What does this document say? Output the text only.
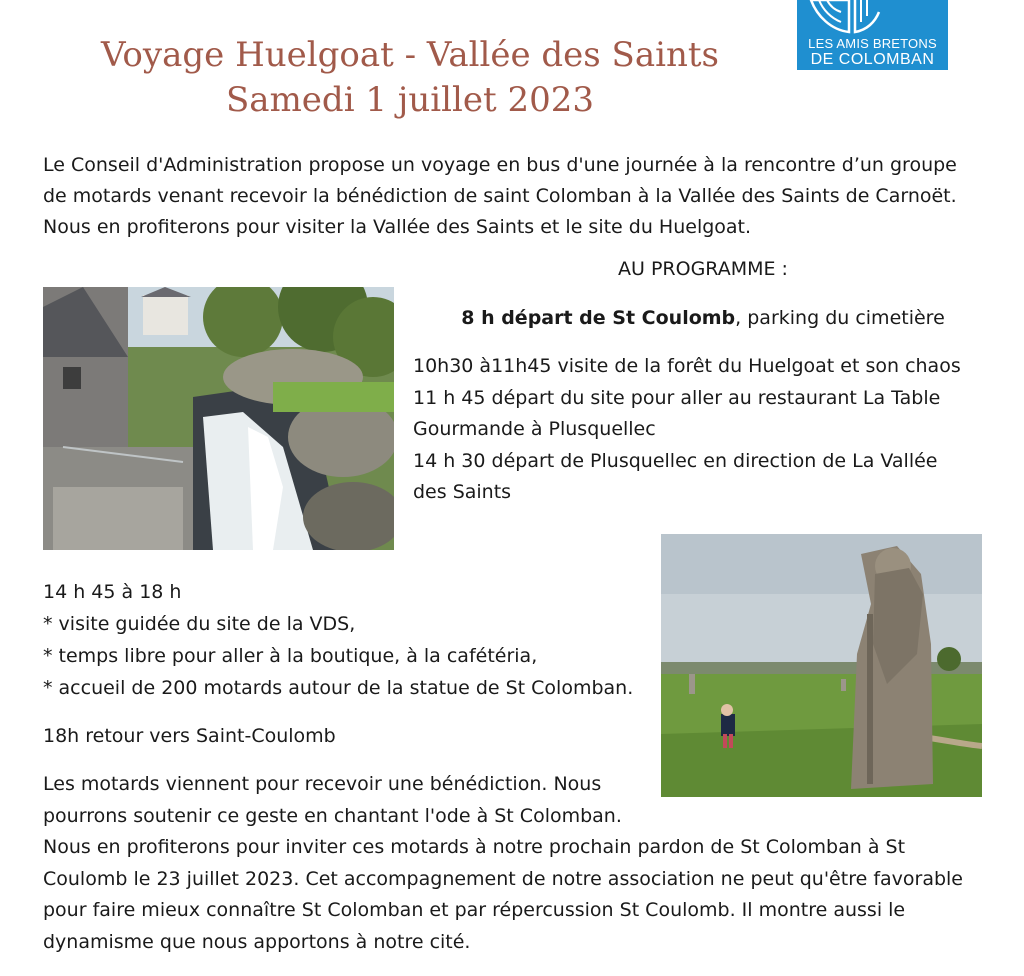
Voyage Huelgoat - Vallée des Saints
Samedi 1 juillet 2023
LES AMIS BRETONS
DE COLOMBAN
Le Conseil d'Administration propose un voyage en bus d'une journée à la rencontre d’un groupe
de motards venant recevoir la bénédiction de saint Colomban à la Vallée des Saints de Carnoët.
Nous en profiterons pour visiter la Vallée des Saints et le site du Huelgoat.
AU PROGRAMME :
8 h départ de St Coulomb, parking du cimetière
10h30 à11h45 visite de la forêt du Huelgoat et son chaos
11 h 45 départ du site pour aller au restaurant La Table
Gourmande à Plusquellec
14 h 30 départ de Plusquellec en direction de La Vallée
des Saints
14 h 45 à 18 h
* visite guidée du site de la VDS,
* temps libre pour aller à la boutique, à la cafétéria,
* accueil de 200 motards autour de la statue de St Colomban.
18h retour vers Saint-Coulomb
Les motards viennent pour recevoir une bénédiction. Nous
pourrons soutenir ce geste en chantant l'ode à St Colomban.
Nous en profiterons pour inviter ces motards à notre prochain pardon de St Colomban à St
Coulomb le 23 juillet 2023. Cet accompagnement de notre association ne peut qu'être favorable
pour faire mieux connaître St Colomban et par répercussion St Coulomb. Il montre aussi le
dynamisme que nous apportons à notre cité.
